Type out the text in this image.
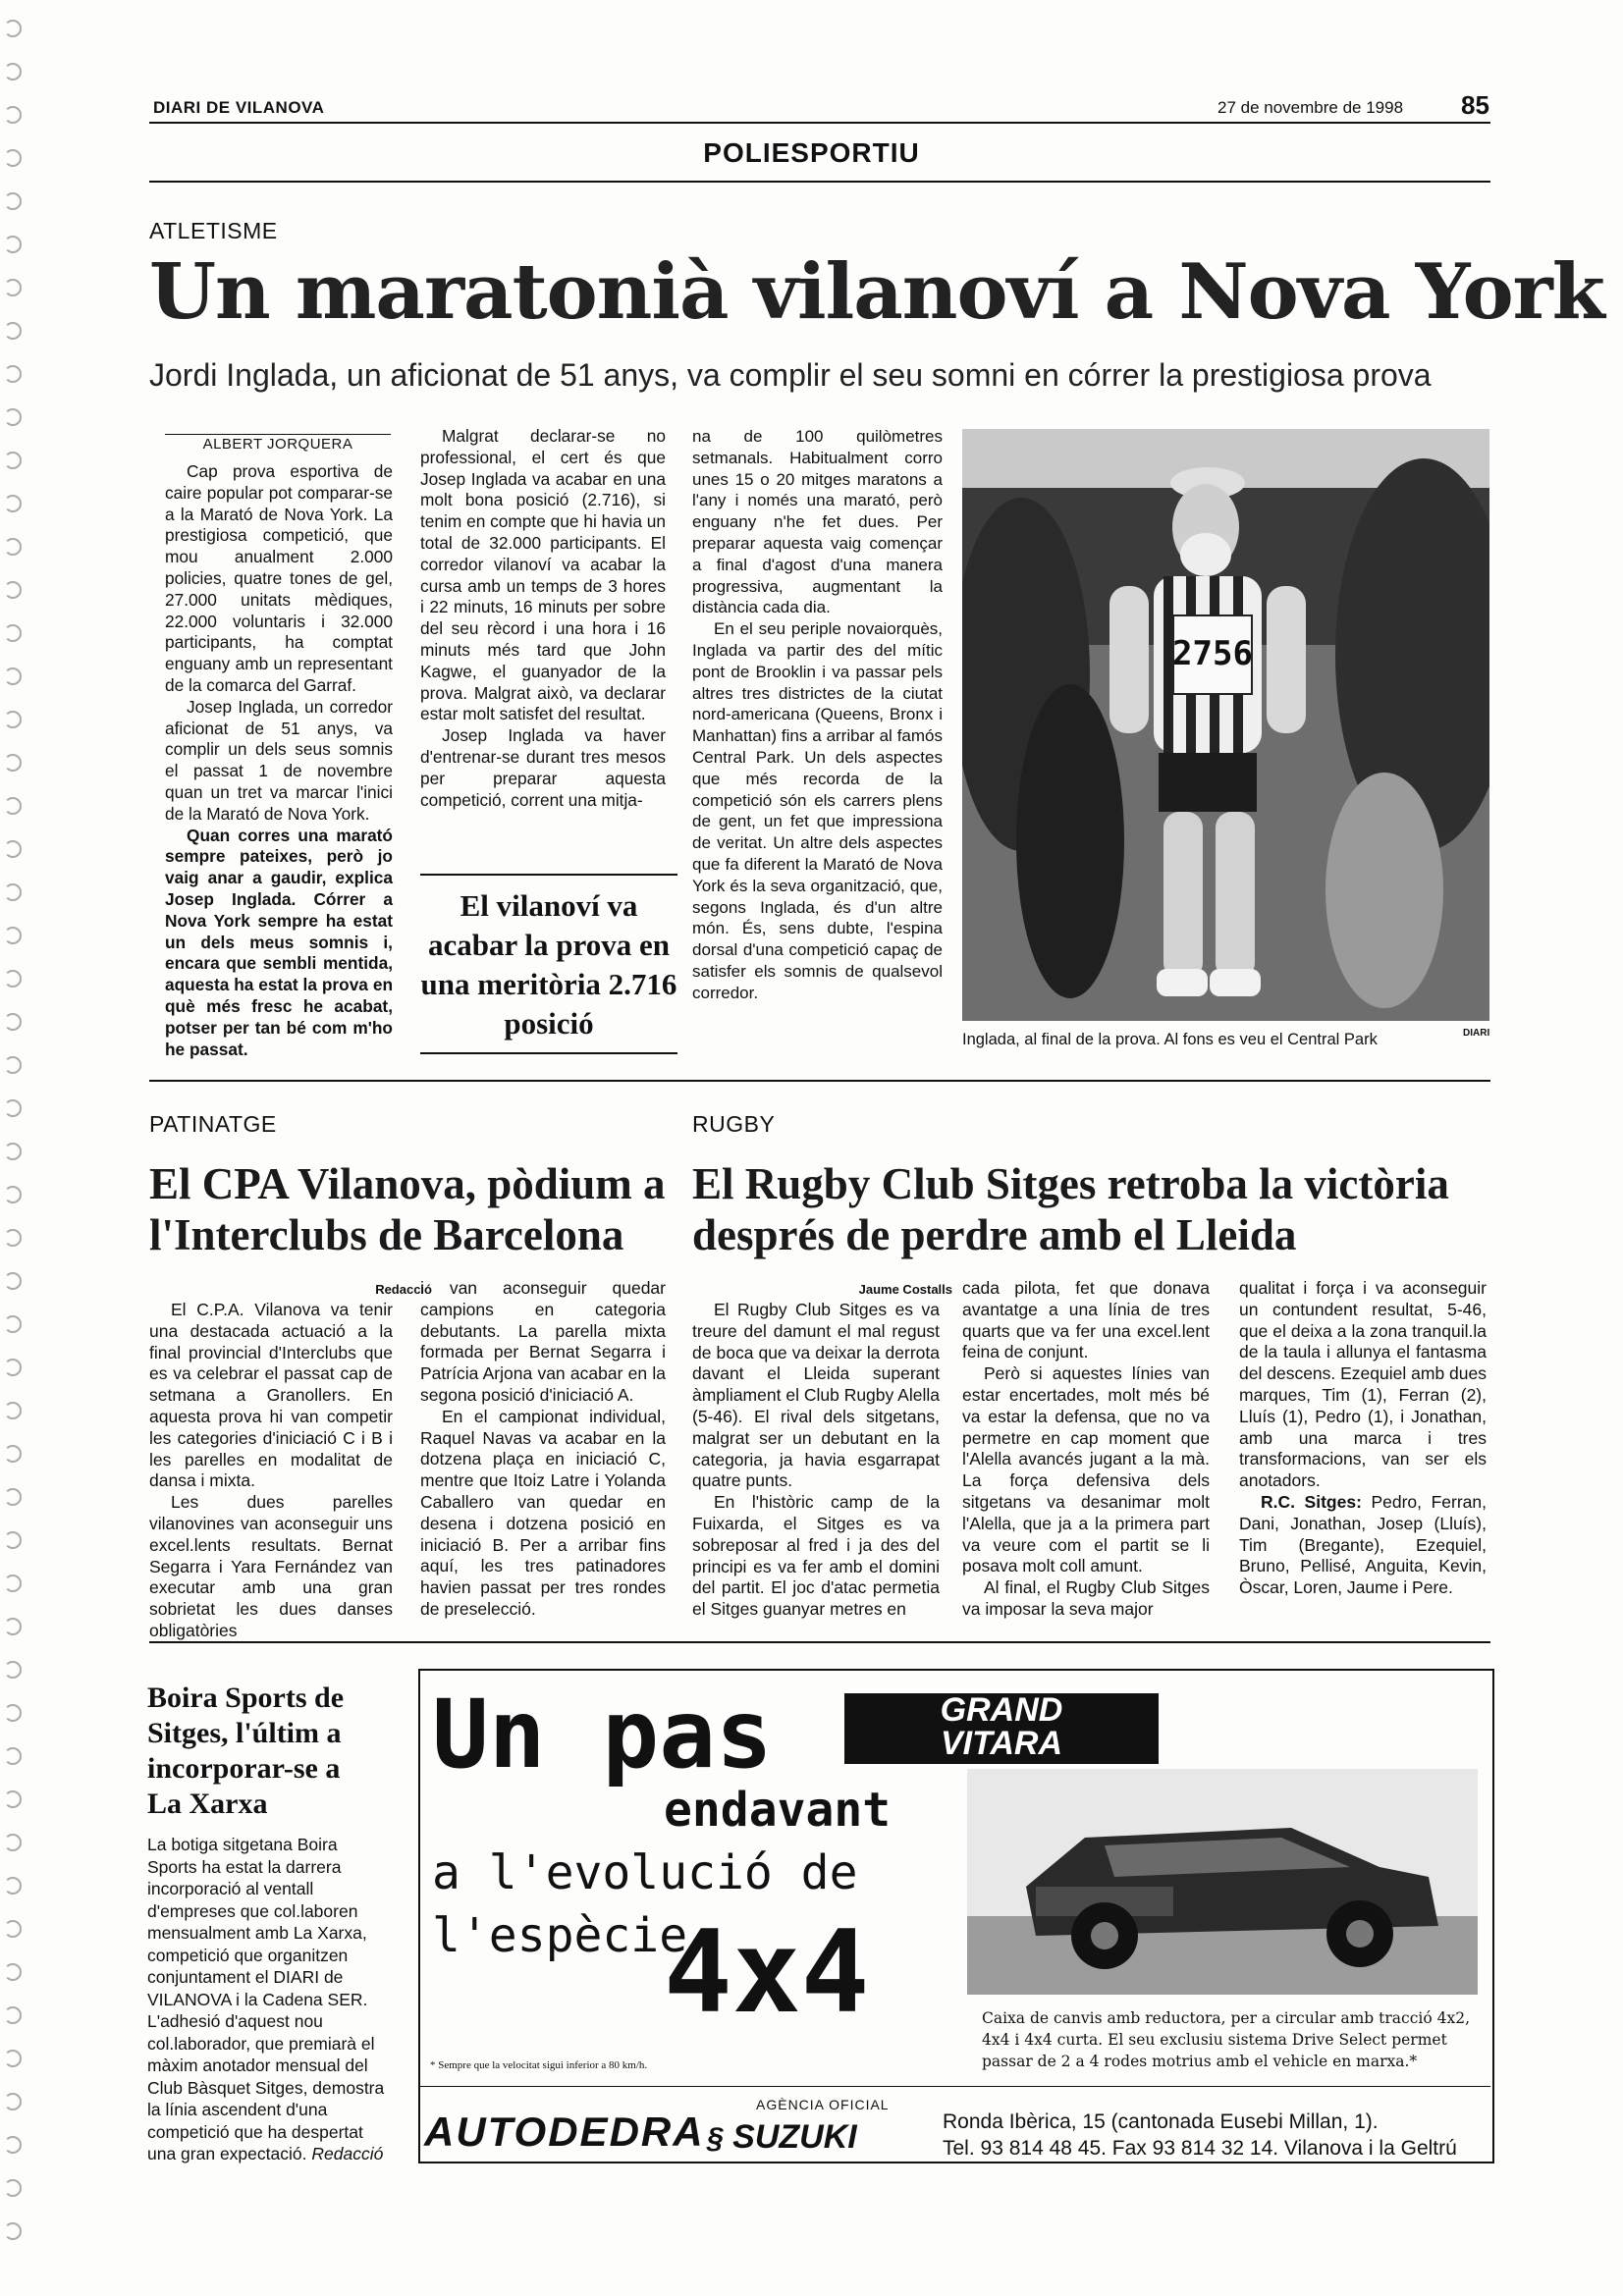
DIARI DE VILANOVA	27 de novembre de 1998 85
POLIESPORTIU
ATLETISME
Un maratonià vilanoví a Nova York
Jordi Inglada, un aficionat de 51 anys, va complir el seu somni en córrer la prestigiosa prova
ALBERT JORQUERA

Cap prova esportiva de caire popular pot comparar-se a la Marató de Nova York. La prestigiosa competició, que mou anualment 2.000 policies, quatre tones de gel, 27.000 unitats mèdiques, 22.000 voluntaris i 32.000 participants, ha comptat enguany amb un representant de la comarca del Garraf.

Josep Inglada, un corredor aficionat de 51 anys, va complir un dels seus somnis el passat 1 de novembre quan un tret va marcar l'inici de la Marató de Nova York.

Quan corres una marató sempre pateixes, però jo vaig anar a gaudir, explica Josep Inglada. Córrer a Nova York sempre ha estat un dels meus somnis i, encara que sembli mentida, aquesta ha estat la prova en què més fresc he acabat, potser per tan bé com m'ho he passat.

Malgrat declarar-se no professional, el cert és que Josep Inglada va acabar en una molt bona posició (2.716), si tenim en compte que hi havia un total de 32.000 participants. El corredor vilanoví va acabar la cursa amb un temps de 3 hores i 22 minuts, 16 minuts per sobre del seu rècord i una hora i 16 minuts més tard que John Kagwe, el guanyador de la prova. Malgrat això, va declarar estar molt satisfet del resultat.

Josep Inglada va haver d'entrenar-se durant tres mesos per preparar aquesta competició, corrent una mitja-

El vilanoví va acabar la prova en una meritòria 2.716 posició

na de 100 quilòmetres setmanals. Habitualment corro unes 15 o 20 mitges maratons a l'any i només una marató, però enguany n'he fet dues. Per preparar aquesta vaig començar a final d'agost d'una manera progressiva, augmentant la distància cada dia.

En el seu periple novaiorquès, Inglada va partir des del mític pont de Brooklin i va passar pels altres tres districtes de la ciutat nord-americana (Queens, Bronx i Manhattan) fins a arribar al famós Central Park. Un dels aspectes que més recorda de la competició són els carrers plens de gent, un fet que impressiona de veritat. Un altre dels aspectes que fa diferent la Marató de Nova York és la seva organització, que, segons Inglada, és d'un altre món. És, sens dubte, l'espina dorsal d'una competició capaç de satisfer els somnis de qualsevol corredor.

2756
Inglada, al final de la prova. Al fons es veu el Central Park	DIARI
PATINATGE
El CPA Vilanova, pòdium a l'Interclubs de Barcelona
Redacció

El C.P.A. Vilanova va tenir una destacada actuació a la final provincial d'Interclubs que es va celebrar el passat cap de setmana a Granollers. En aquesta prova hi van competir les categories d'iniciació C i B i les parelles en modalitat de dansa i mixta.

Les dues parelles vilanovines van aconseguir uns excel.lents resultats. Bernat Segarra i Yara Fernández van executar amb una gran sobrietat les dues danses obligatòries

i van aconseguir quedar campions en categoria debutants. La parella mixta formada per Bernat Segarra i Patrícia Arjona van acabar en la segona posició d'iniciació A.

En el campionat individual, Raquel Navas va acabar en la dotzena plaça en iniciació C, mentre que Itoiz Latre i Yolanda Caballero van quedar en desena i dotzena posició en iniciació B. Per a arribar fins aquí, les tres patinadores havien passat per tres rondes de preselecció.

RUGBY
El Rugby Club Sitges retroba la victòria després de perdre amb el Lleida
Jaume Costalls

El Rugby Club Sitges es va treure del damunt el mal regust de boca que va deixar la derrota davant el Lleida superant àmpliament el Club Rugby Alella (5-46). El rival dels sitgetans, malgrat ser un debutant en la categoria, ja havia esgarrapat quatre punts.

En l'històric camp de la Fuixarda, el Sitges es va sobreposar al fred i ja des del principi es va fer amb el domini del partit. El joc d'atac permetia el Sitges guanyar metres en

cada pilota, fet que donava avantatge a una línia de tres quarts que va fer una excel.lent feina de conjunt.

Però si aquestes línies van estar encertades, molt més bé va estar la defensa, que no va permetre en cap moment que l'Alella avancés jugant a la mà. La força defensiva dels sitgetans va desanimar molt l'Alella, que ja a la primera part va veure com el partit se li posava molt coll amunt.

Al final, el Rugby Club Sitges va imposar la seva major

qualitat i força i va aconseguir un contundent resultat, 5-46, que el deixa a la zona tranquil.la de la taula i allunya el fantasma del descens. Ezequiel amb dues marques, Tim (1), Ferran (2), Lluís (1), Pedro (1), i Jonathan, amb una marca i tres transformacions, van ser els anotadors.

R.C. Sitges: Pedro, Ferran, Dani, Jonathan, Josep (Lluís), Tim (Bregante), Ezequiel, Bruno, Pellisé, Anguita, Kevin, Òscar, Loren, Jaume i Pere.

Boira Sports de Sitges, l'últim a incorporar-se a La Xarxa
La botiga sitgetana Boira Sports ha estat la darrera incorporació al ventall d'empreses que col.laboren mensualment amb La Xarxa, competició que organitzen conjuntament el DIARI de VILANOVA i la Cadena SER. L'adhesió d'aquest nou col.laborador, que premiarà el màxim anotador mensual del Club Bàsquet Sitges, demostra la línia ascendent d'una competició que ha despertat una gran expectació. Redacció
Un pas
endavant
a l'evolució de
l'espècie
4x4
GRAND
VITARA
Caixa de canvis amb reductora, per a circular amb tracció 4x2, 4x4 i 4x4 curta. El seu exclusiu sistema Drive Select permet passar de 2 a 4 rodes motrius amb el vehicle en marxa.*
* Sempre que la velocitat sigui inferior a 80 km/h.
AUTODEDRA
AGÈNCIA OFICIAL
§ SUZUKI	Ronda Ibèrica, 15 (cantonada Eusebi Millan, 1).
Tel. 93 814 48 45. Fax 93 814 32 14. Vilanova i la Geltrú
